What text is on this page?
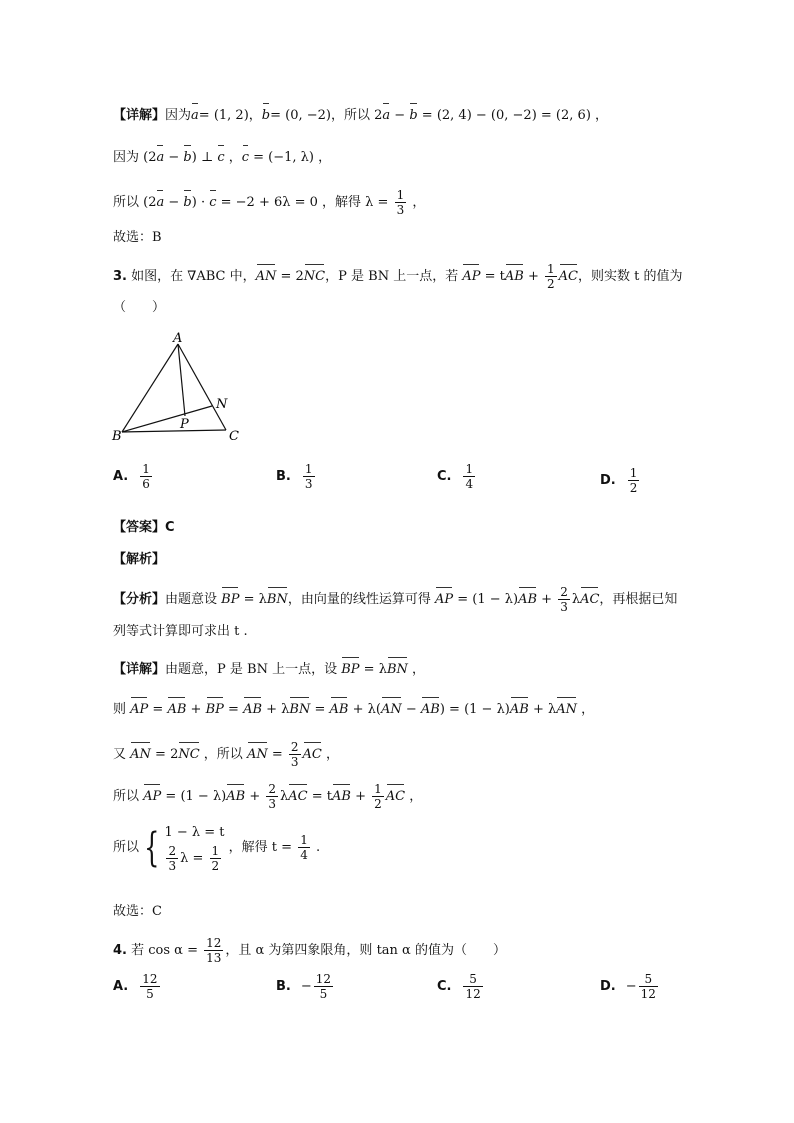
【详解】因为a= (1, 2)，b= (0, −2)，所以 2a − b = (2, 4) − (0, −2) = (2, 6) ，
因为 (2a − b) ⊥ c ，c = (−1, λ) ，
所以 (2a − b) · c = −2 + 6λ = 0 ，解得 $\lambda = \frac{1}{3}$ ，
故选：B
3. 如图，在 ∇ABC 中，AN = 2NC，P 是 BN 上一点，若 AP = tAB + $\frac{1}{2}$ AC，则实数 t 的值为
（　　）
A
B	C
N
P
A. $\frac{1}{6}$	B. $\frac{1}{3}$	C. $\frac{1}{4}$	D. $\frac{1}{2}$
【答案】C
【解析】
【分析】由题意设 BP = λBN，由向量的线性运算可得 AP = $(1 - \lambda)AB + \frac{2}{3}$ λAC，再根据已知
列等式计算即可求出 t .
【详解】由题意，P 是 BN 上一点，设 BP = λBN ，
则 AP = AB + BP = AB + λBN = AB + λ(AN − AB) = (1 − λ)AB + λAN ，
又 AN = 2NC ，所以 AN = $\frac{2}{3}$ AC ，
所以 AP = $(1 - \lambda)AB + \frac{2}{3}$ λAC = tAB + $\frac{1}{2}$ AC ，
所以 { 1 − λ = t
$\frac{2}{3}$ $\lambda = \frac{1}{2}$ ，解得 $t = \frac{1}{4}$ .
故选：C
4. 若 $\cos \alpha = \frac{12}{13}$ ，且 α 为第四象限角，则 tan α 的值为（　　）
A. $\frac{12}{5}$	B. − $\frac{12}{5}$	C. $\frac{5}{12}$	D. − $\frac{5}{12}$
